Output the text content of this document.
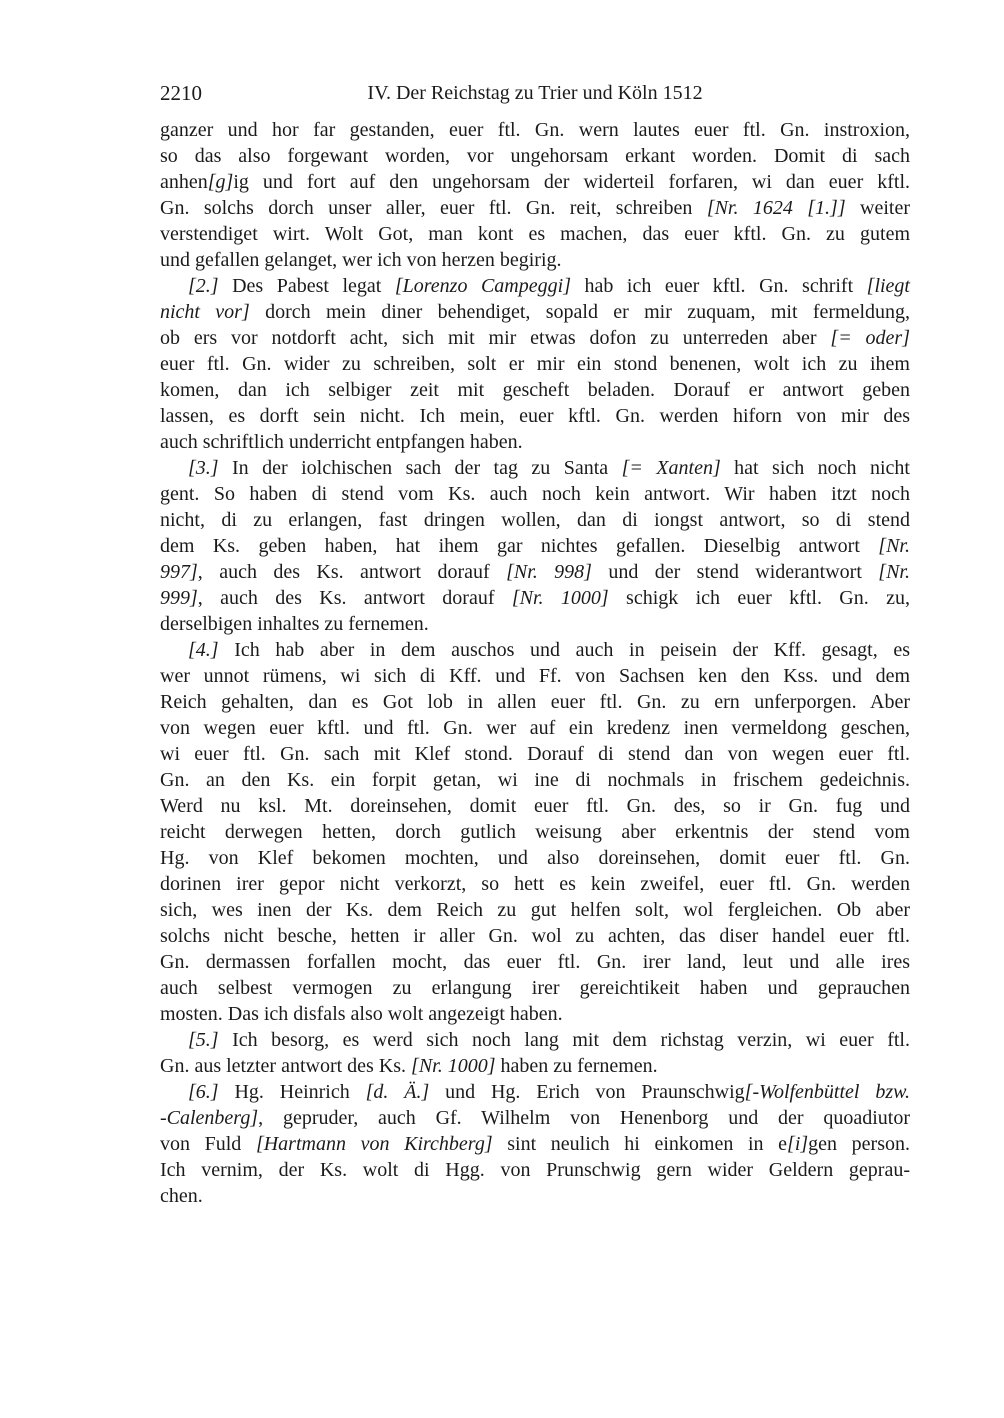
2210	IV. Der Reichstag zu Trier und Köln 1512
ganzer und hor far gestanden, euer ftl. Gn. wern lautes euer ftl. Gn. instroxion,
so das also forgewant worden, vor ungehorsam erkant worden. Domit di sach
anhen[g]ig und fort auf den ungehorsam der widerteil forfaren, wi dan euer kftl.
Gn. solchs dorch unser aller, euer ftl. Gn. reit, schreiben [Nr. 1624 [1.]] weiter
verstendiget wirt. Wolt Got, man kont es machen, das euer kftl. Gn. zu gutem
und gefallen gelanget, wer ich von herzen begirig.
[2.] Des Pabest legat [Lorenzo Campeggi] hab ich euer kftl. Gn. schrift [liegt
nicht vor] dorch mein diner behendiget, sopald er mir zuquam, mit fermeldung,
ob ers vor notdorft acht, sich mit mir etwas dofon zu unterreden aber [= oder]
euer ftl. Gn. wider zu schreiben, solt er mir ein stond benenen, wolt ich zu ihem
komen, dan ich selbiger zeit mit gescheft beladen. Dorauf er antwort geben
lassen, es dorft sein nicht. Ich mein, euer kftl. Gn. werden hiforn von mir des
auch schriftlich underricht entpfangen haben.
[3.] In der iolchischen sach der tag zu Santa [= Xanten] hat sich noch nicht
gent. So haben di stend vom Ks. auch noch kein antwort. Wir haben itzt noch
nicht, di zu erlangen, fast dringen wollen, dan di iongst antwort, so di stend
dem Ks. geben haben, hat ihem gar nichtes gefallen. Dieselbig antwort [Nr.
997], auch des Ks. antwort dorauf [Nr. 998] und der stend widerantwort [Nr.
999], auch des Ks. antwort dorauf [Nr. 1000] schigk ich euer kftl. Gn. zu,
derselbigen inhaltes zu fernemen.
[4.] Ich hab aber in dem auschos und auch in peisein der Kff. gesagt, es
wer unnot rümens, wi sich di Kff. und Ff. von Sachsen ken den Kss. und dem
Reich gehalten, dan es Got lob in allen euer ftl. Gn. zu ern unferporgen. Aber
von wegen euer kftl. und ftl. Gn. wer auf ein kredenz inen vermeldong geschen,
wi euer ftl. Gn. sach mit Klef stond. Dorauf di stend dan von wegen euer ftl.
Gn. an den Ks. ein forpit getan, wi ine di nochmals in frischem gedeichnis.
Werd nu ksl. Mt. doreinsehen, domit euer ftl. Gn. des, so ir Gn. fug und
reicht derwegen hetten, dorch gutlich weisung aber erkentnis der stend vom
Hg. von Klef bekomen mochten, und also doreinsehen, domit euer ftl. Gn.
dorinen irer gepor nicht verkorzt, so hett es kein zweifel, euer ftl. Gn. werden
sich, wes inen der Ks. dem Reich zu gut helfen solt, wol fergleichen. Ob aber
solchs nicht besche, hetten ir aller Gn. wol zu achten, das diser handel euer ftl.
Gn. dermassen forfallen mocht, das euer ftl. Gn. irer land, leut und alle ires
auch selbest vermogen zu erlangung irer gereichtikeit haben und geprauchen
mosten. Das ich disfals also wolt angezeigt haben.
[5.] Ich besorg, es werd sich noch lang mit dem richstag verzin, wi euer ftl.
Gn. aus letzter antwort des Ks. [Nr. 1000] haben zu fernemen.
[6.] Hg. Heinrich [d. Ä.] und Hg. Erich von Praunschwig[-Wolfenbüttel bzw.
-Calenberg], gepruder, auch Gf. Wilhelm von Henenborg und der quoadiutor
von Fuld [Hartmann von Kirchberg] sint neulich hi einkomen in e[i]gen person.
Ich vernim, der Ks. wolt di Hgg. von Prunschwig gern wider Geldern geprau-
chen.
